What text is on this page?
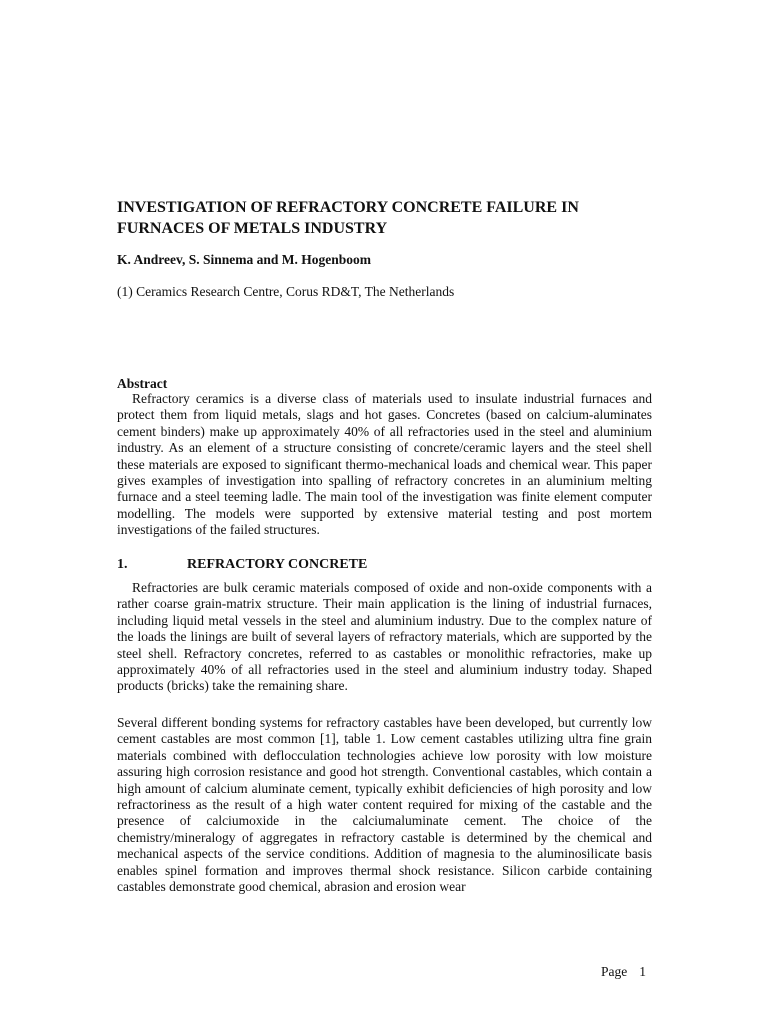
INVESTIGATION OF REFRACTORY CONCRETE FAILURE IN FURNACES OF METALS INDUSTRY
K. Andreev, S. Sinnema and M. Hogenboom
(1) Ceramics Research Centre, Corus RD&T, The Netherlands
Abstract

Refractory ceramics is a diverse class of materials used to insulate industrial furnaces and protect them from liquid metals, slags and hot gases. Concretes (based on calcium-aluminates cement binders) make up approximately 40% of all refractories used in the steel and aluminium industry. As an element of a structure consisting of concrete/ceramic layers and the steel shell these materials are exposed to significant thermo-mechanical loads and chemical wear. This paper gives examples of investigation into spalling of refractory concretes in an aluminium melting furnace and a steel teeming ladle. The main tool of the investigation was finite element computer modelling. The models were supported by extensive material testing and post mortem investigations of the failed structures.

1.	REFRACTORY CONCRETE

Refractories are bulk ceramic materials composed of oxide and non-oxide components with a rather coarse grain-matrix structure. Their main application is the lining of industrial furnaces, including liquid metal vessels in the steel and aluminium industry. Due to the complex nature of the loads the linings are built of several layers of refractory materials, which are supported by the steel shell. Refractory concretes, referred to as castables or monolithic refractories, make up approximately 40% of all refractories used in the steel and aluminium industry today. Shaped products (bricks) take the remaining share.

Several different bonding systems for refractory castables have been developed, but currently low cement castables are most common [1], table 1. Low cement castables utilizing ultra fine grain materials combined with deflocculation technologies achieve low porosity with low moisture assuring high corrosion resistance and good hot strength. Conventional castables, which contain a high amount of calcium aluminate cement, typically exhibit deficiencies of high porosity and low refractoriness as the result of a high water content required for mixing of the castable and the presence of calciumoxide in the calciumaluminate cement. The choice of the chemistry/mineralogy of aggregates in refractory castable is determined by the chemical and mechanical aspects of the service conditions. Addition of magnesia to the aluminosilicate basis enables spinel formation and improves thermal shock resistance. Silicon carbide containing castables demonstrate good chemical, abrasion and erosion wear

Page 1
